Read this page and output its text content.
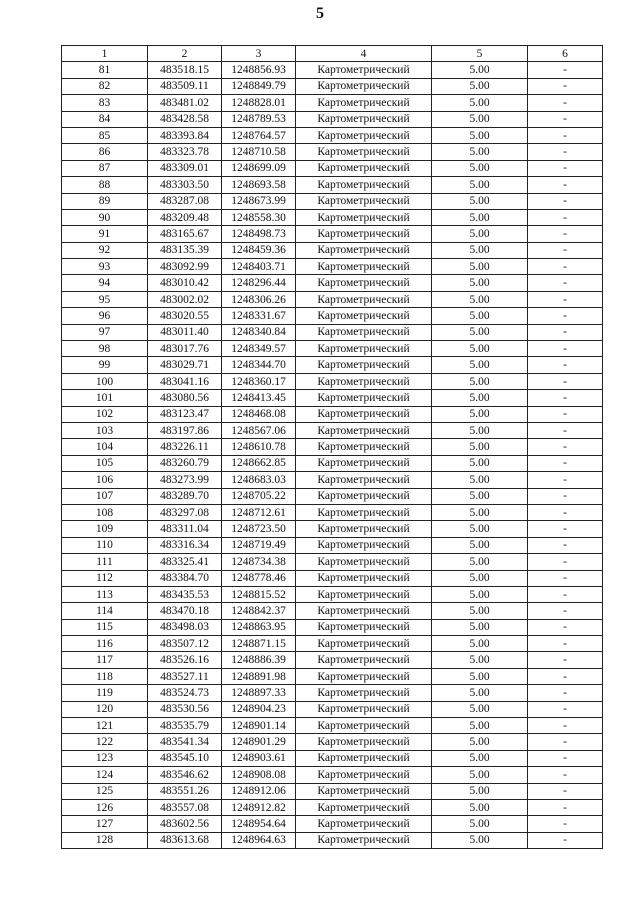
5
1	2	3	4	5	6
81	483518.15	1248856.93	Картометрический	5.00	-
82	483509.11	1248849.79	Картометрический	5.00	-
83	483481.02	1248828.01	Картометрический	5.00	-
84	483428.58	1248789.53	Картометрический	5.00	-
85	483393.84	1248764.57	Картометрический	5.00	-
86	483323.78	1248710.58	Картометрический	5.00	-
87	483309.01	1248699.09	Картометрический	5.00	-
88	483303.50	1248693.58	Картометрический	5.00	-
89	483287.08	1248673.99	Картометрический	5.00	-
90	483209.48	1248558.30	Картометрический	5.00	-
91	483165.67	1248498.73	Картометрический	5.00	-
92	483135.39	1248459.36	Картометрический	5.00	-
93	483092.99	1248403.71	Картометрический	5.00	-
94	483010.42	1248296.44	Картометрический	5.00	-
95	483002.02	1248306.26	Картометрический	5.00	-
96	483020.55	1248331.67	Картометрический	5.00	-
97	483011.40	1248340.84	Картометрический	5.00	-
98	483017.76	1248349.57	Картометрический	5.00	-
99	483029.71	1248344.70	Картометрический	5.00	-
100	483041.16	1248360.17	Картометрический	5.00	-
101	483080.56	1248413.45	Картометрический	5.00	-
102	483123.47	1248468.08	Картометрический	5.00	-
103	483197.86	1248567.06	Картометрический	5.00	-
104	483226.11	1248610.78	Картометрический	5.00	-
105	483260.79	1248662.85	Картометрический	5.00	-
106	483273.99	1248683.03	Картометрический	5.00	-
107	483289.70	1248705.22	Картометрический	5.00	-
108	483297.08	1248712.61	Картометрический	5.00	-
109	483311.04	1248723.50	Картометрический	5.00	-
110	483316.34	1248719.49	Картометрический	5.00	-
111	483325.41	1248734.38	Картометрический	5.00	-
112	483384.70	1248778.46	Картометрический	5.00	-
113	483435.53	1248815.52	Картометрический	5.00	-
114	483470.18	1248842.37	Картометрический	5.00	-
115	483498.03	1248863.95	Картометрический	5.00	-
116	483507.12	1248871.15	Картометрический	5.00	-
117	483526.16	1248886.39	Картометрический	5.00	-
118	483527.11	1248891.98	Картометрический	5.00	-
119	483524.73	1248897.33	Картометрический	5.00	-
120	483530.56	1248904.23	Картометрический	5.00	-
121	483535.79	1248901.14	Картометрический	5.00	-
122	483541.34	1248901.29	Картометрический	5.00	-
123	483545.10	1248903.61	Картометрический	5.00	-
124	483546.62	1248908.08	Картометрический	5.00	-
125	483551.26	1248912.06	Картометрический	5.00	-
126	483557.08	1248912.82	Картометрический	5.00	-
127	483602.56	1248954.64	Картометрический	5.00	-
128	483613.68	1248964.63	Картометрический	5.00	-
